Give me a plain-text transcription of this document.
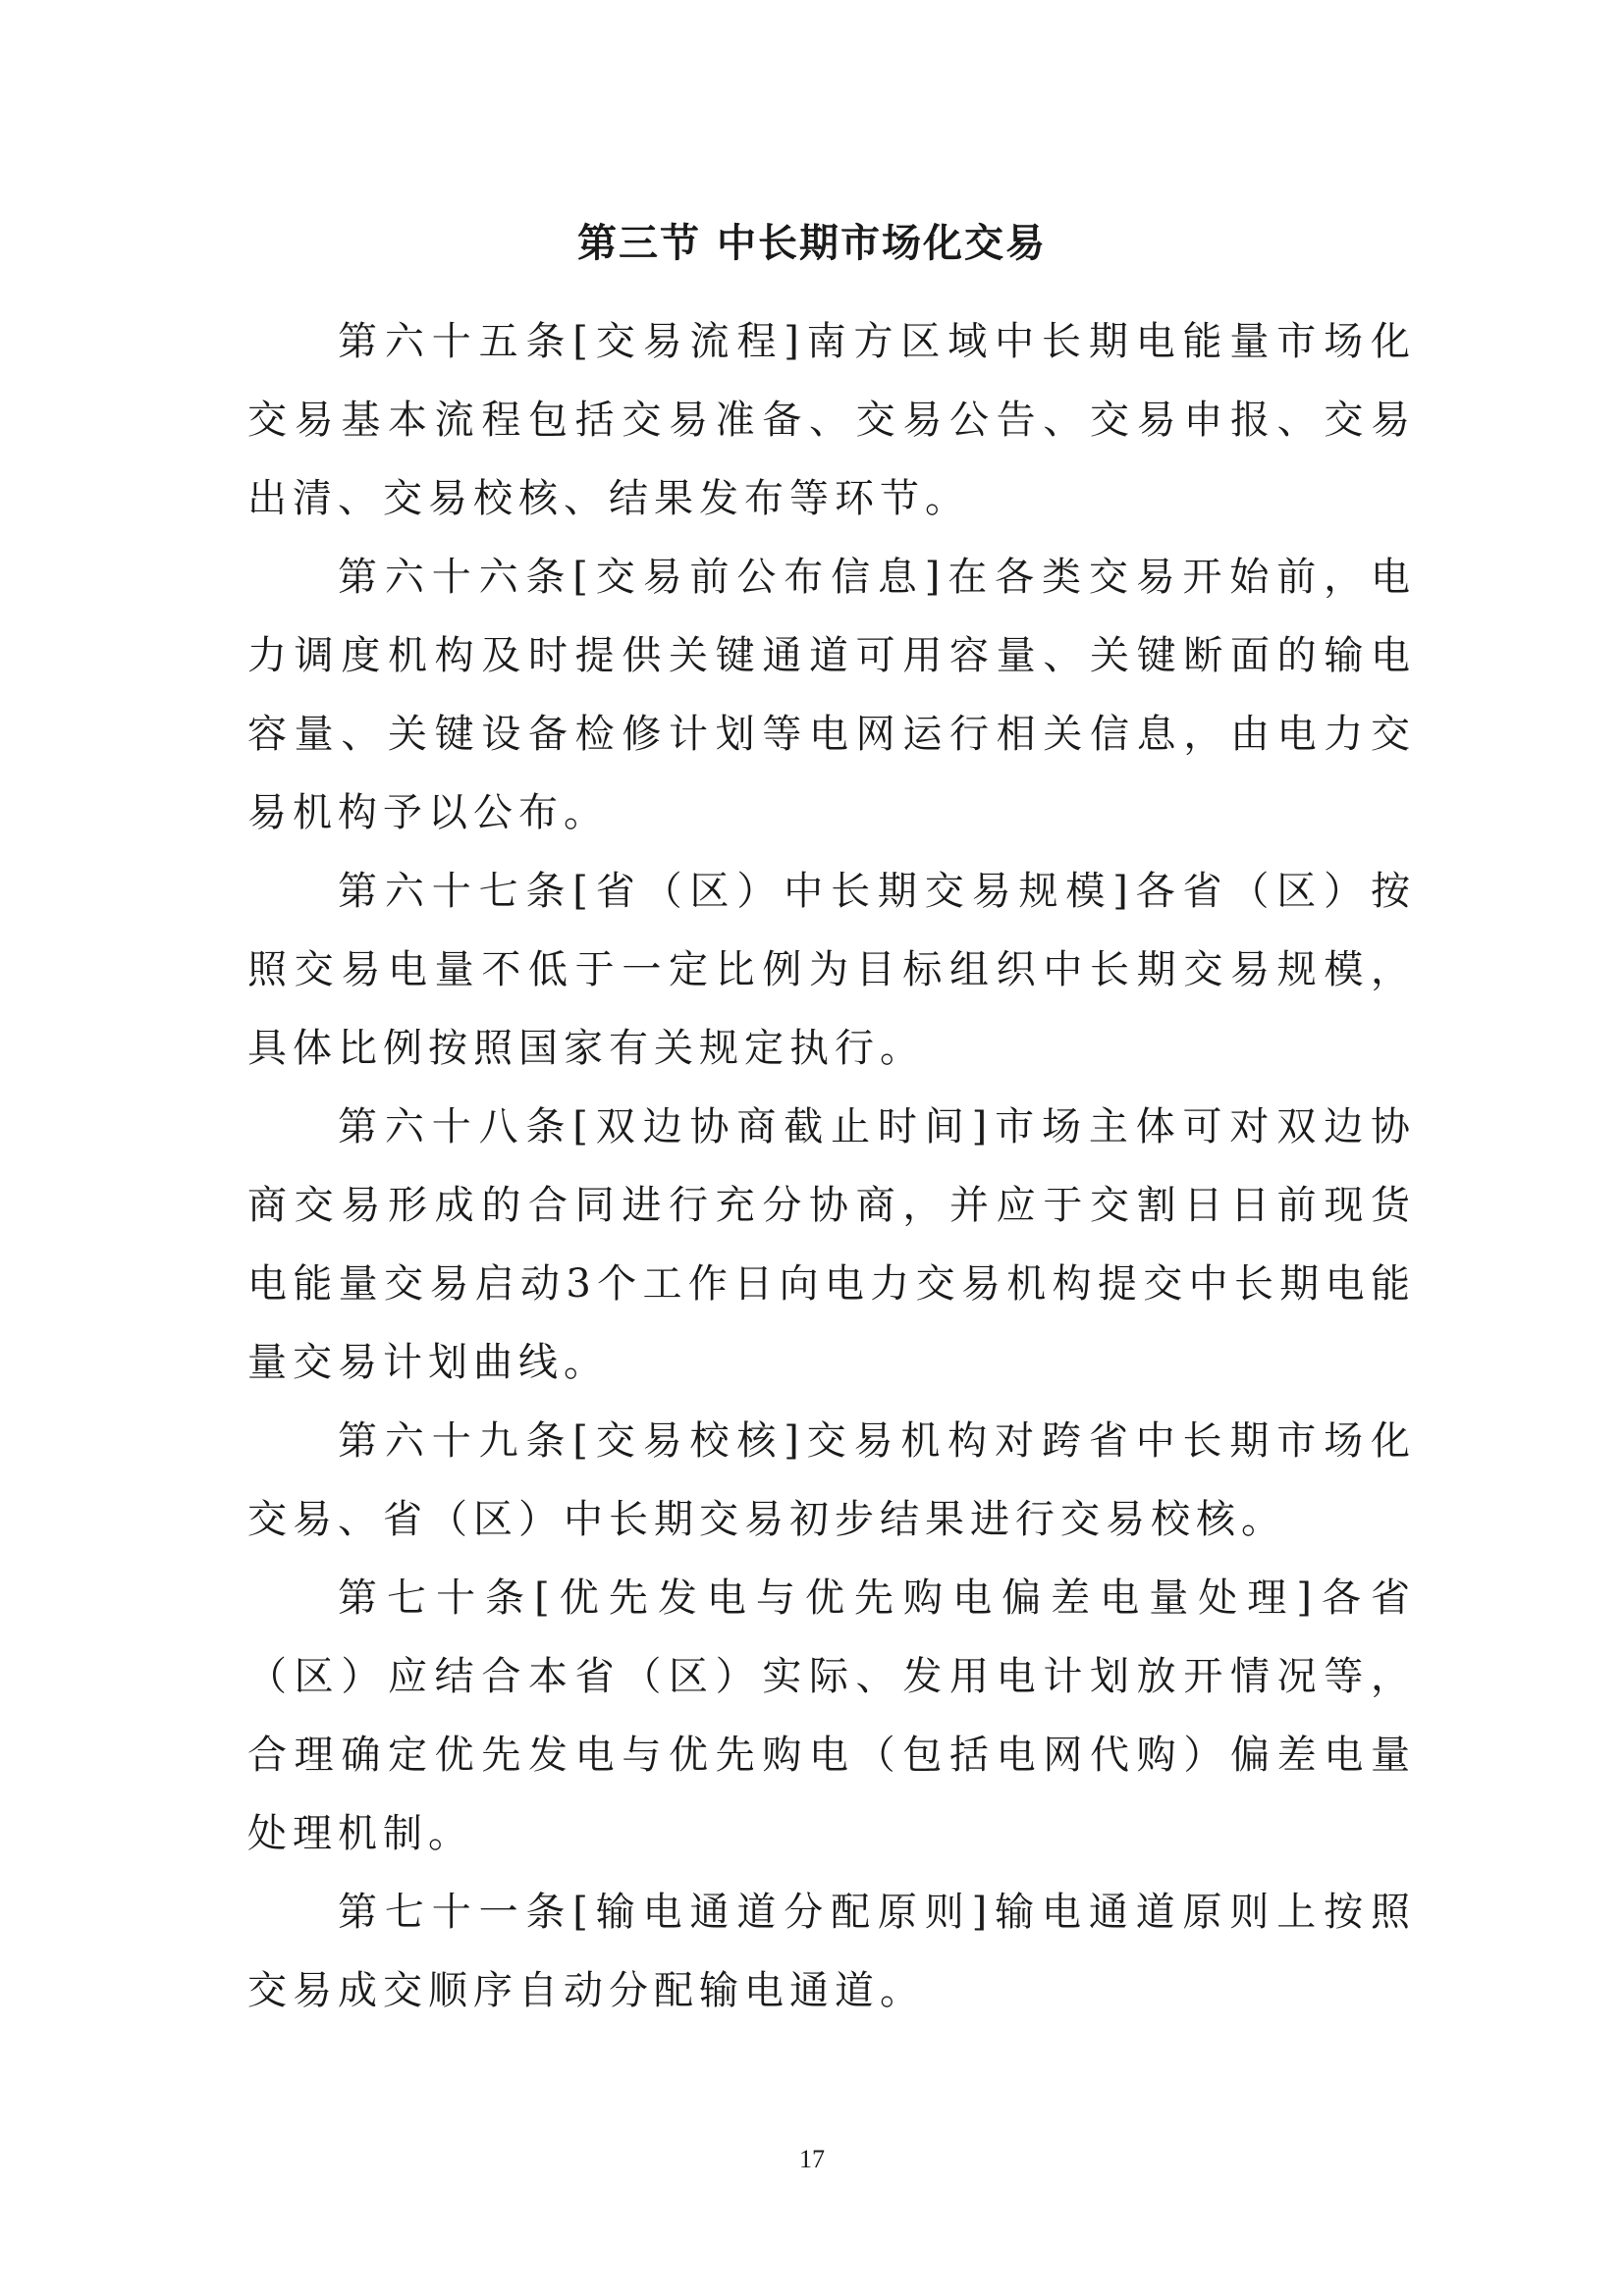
第三节 中长期市场化交易

第六十五条[交易流程]南方区域中长期电能量市场化交易基本流程包括交易准备、交易公告、交易申报、交易出清、交易校核、结果发布等环节。

第六十六条[交易前公布信息]在各类交易开始前，电力调度机构及时提供关键通道可用容量、关键断面的输电容量、关键设备检修计划等电网运行相关信息，由电力交易机构予以公布。

第六十七条[省（区）中长期交易规模]各省（区）按照交易电量不低于一定比例为目标组织中长期交易规模，具体比例按照国家有关规定执行。

第六十八条[双边协商截止时间]市场主体可对双边协商交易形成的合同进行充分协商，并应于交割日日前现货电能量交易启动3个工作日向电力交易机构提交中长期电能量交易计划曲线。

第六十九条[交易校核]交易机构对跨省中长期市场化交易、省（区）中长期交易初步结果进行交易校核。

第七十条[优先发电与优先购电偏差电量处理]各省（区）应结合本省（区）实际、发用电计划放开情况等，合理确定优先发电与优先购电（包括电网代购）偏差电量处理机制。

第七十一条[输电通道分配原则]输电通道原则上按照交易成交顺序自动分配输电通道。

17
